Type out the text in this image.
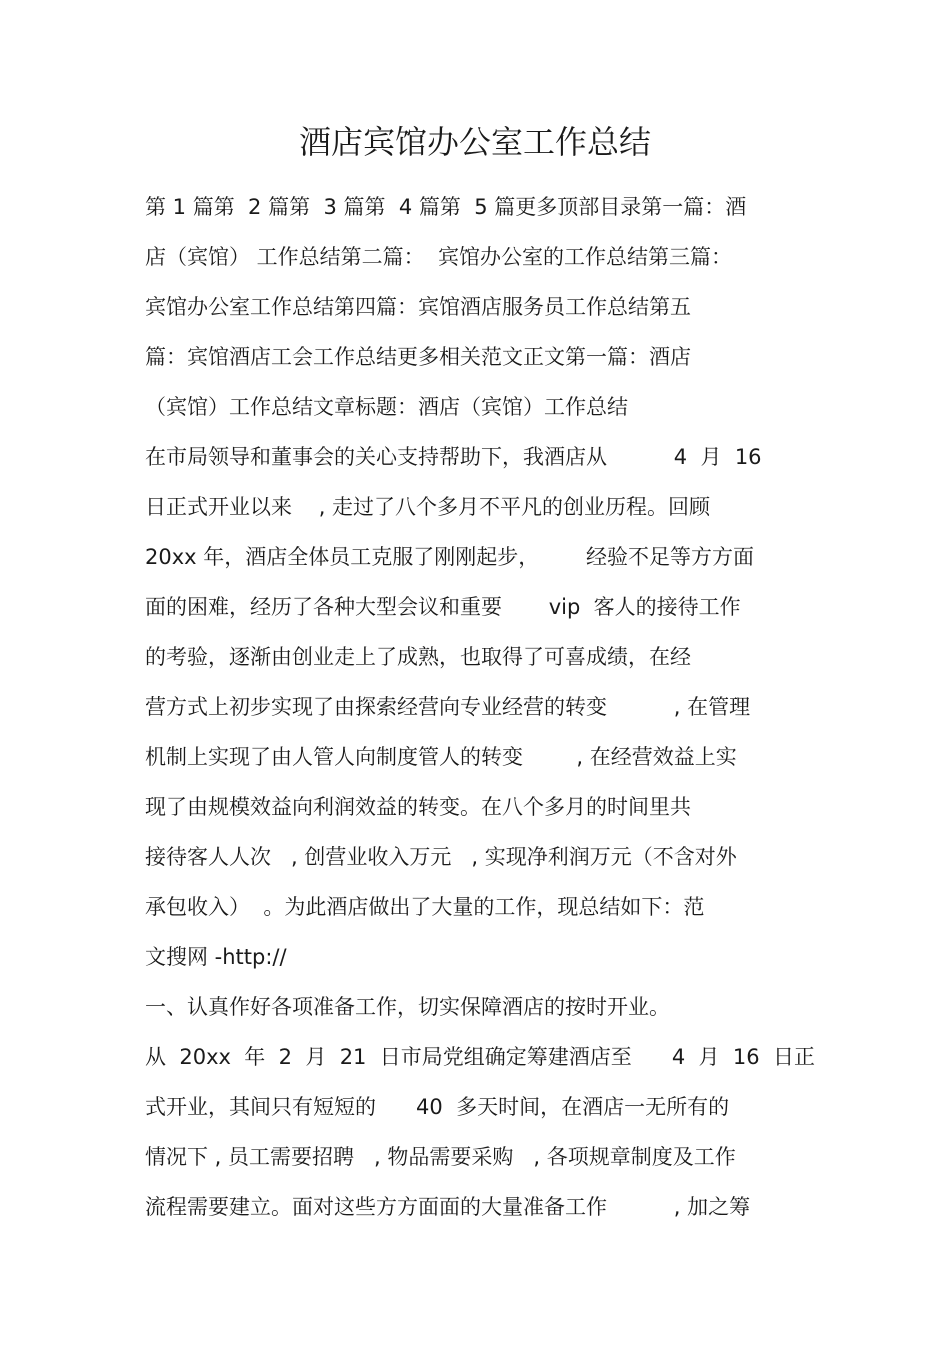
酒店宾馆办公室工作总结
第 1 篇第  2 篇第  3 篇第  4 篇第  5 篇更多顶部目录第一篇：酒
店（宾馆） 工作总结第二篇：  宾馆办公室的工作总结第三篇：
宾馆办公室工作总结第四篇：宾馆酒店服务员工作总结第五
篇：宾馆酒店工会工作总结更多相关范文正文第一篇：酒店
（宾馆）工作总结文章标题：酒店（宾馆）工作总结
在市局领导和董事会的关心支持帮助下，我酒店从          4  月  16
日正式开业以来    , 走过了八个多月不平凡的创业历程。回顾
20xx 年，酒店全体员工克服了刚刚起步，       经验不足等方方面
面的困难，经历了各种大型会议和重要       vip  客人的接待工作
的考验，逐渐由创业走上了成熟，也取得了可喜成绩，在经
营方式上初步实现了由探索经营向专业经营的转变          , 在管理
机制上实现了由人管人向制度管人的转变        , 在经营效益上实
现了由规模效益向利润效益的转变。在八个多月的时间里共
接待客人人次   , 创营业收入万元   , 实现净利润万元（不含对外
承包收入）  。为此酒店做出了大量的工作，现总结如下：范
文搜网 -http://
一、认真作好各项准备工作，切实保障酒店的按时开业。
从  20xx  年  2  月  21  日市局党组确定筹建酒店至      4  月  16  日正
式开业，其间只有短短的      40  多天时间，在酒店一无所有的
情况下 , 员工需要招聘   , 物品需要采购   , 各项规章制度及工作
流程需要建立。面对这些方方面面的大量准备工作          , 加之筹
